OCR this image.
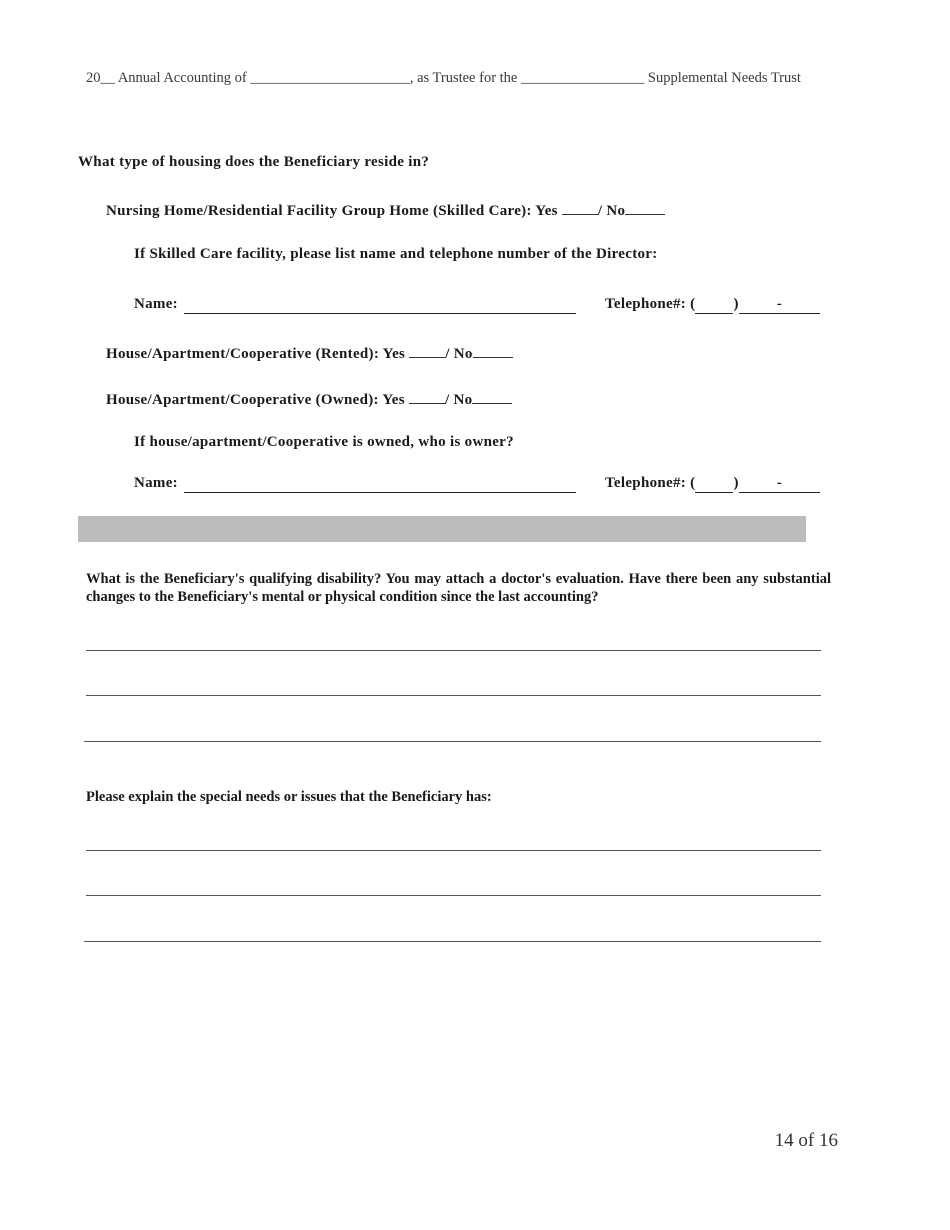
20__ Annual Accounting of ______________________, as Trustee for the _________________ Supplemental Needs Trust
What type of housing does the Beneficiary reside in?
Nursing Home/Residential Facility Group Home (Skilled Care): Yes	/ No
If Skilled Care facility, please list name and telephone number of the Director:
Name:	Telephone#: (	)	-
House/Apartment/Cooperative (Rented): Yes	/ No
House/Apartment/Cooperative (Owned): Yes	/ No
If house/apartment/Cooperative is owned, who is owner?
Name:	Telephone#: (	)	-
What is the Beneficiary's qualifying disability? You may attach a doctor's evaluation. Have there been any substantial changes to the Beneficiary's mental or physical condition since the last accounting?
Please explain the special needs or issues that the Beneficiary has:
14 of 16
